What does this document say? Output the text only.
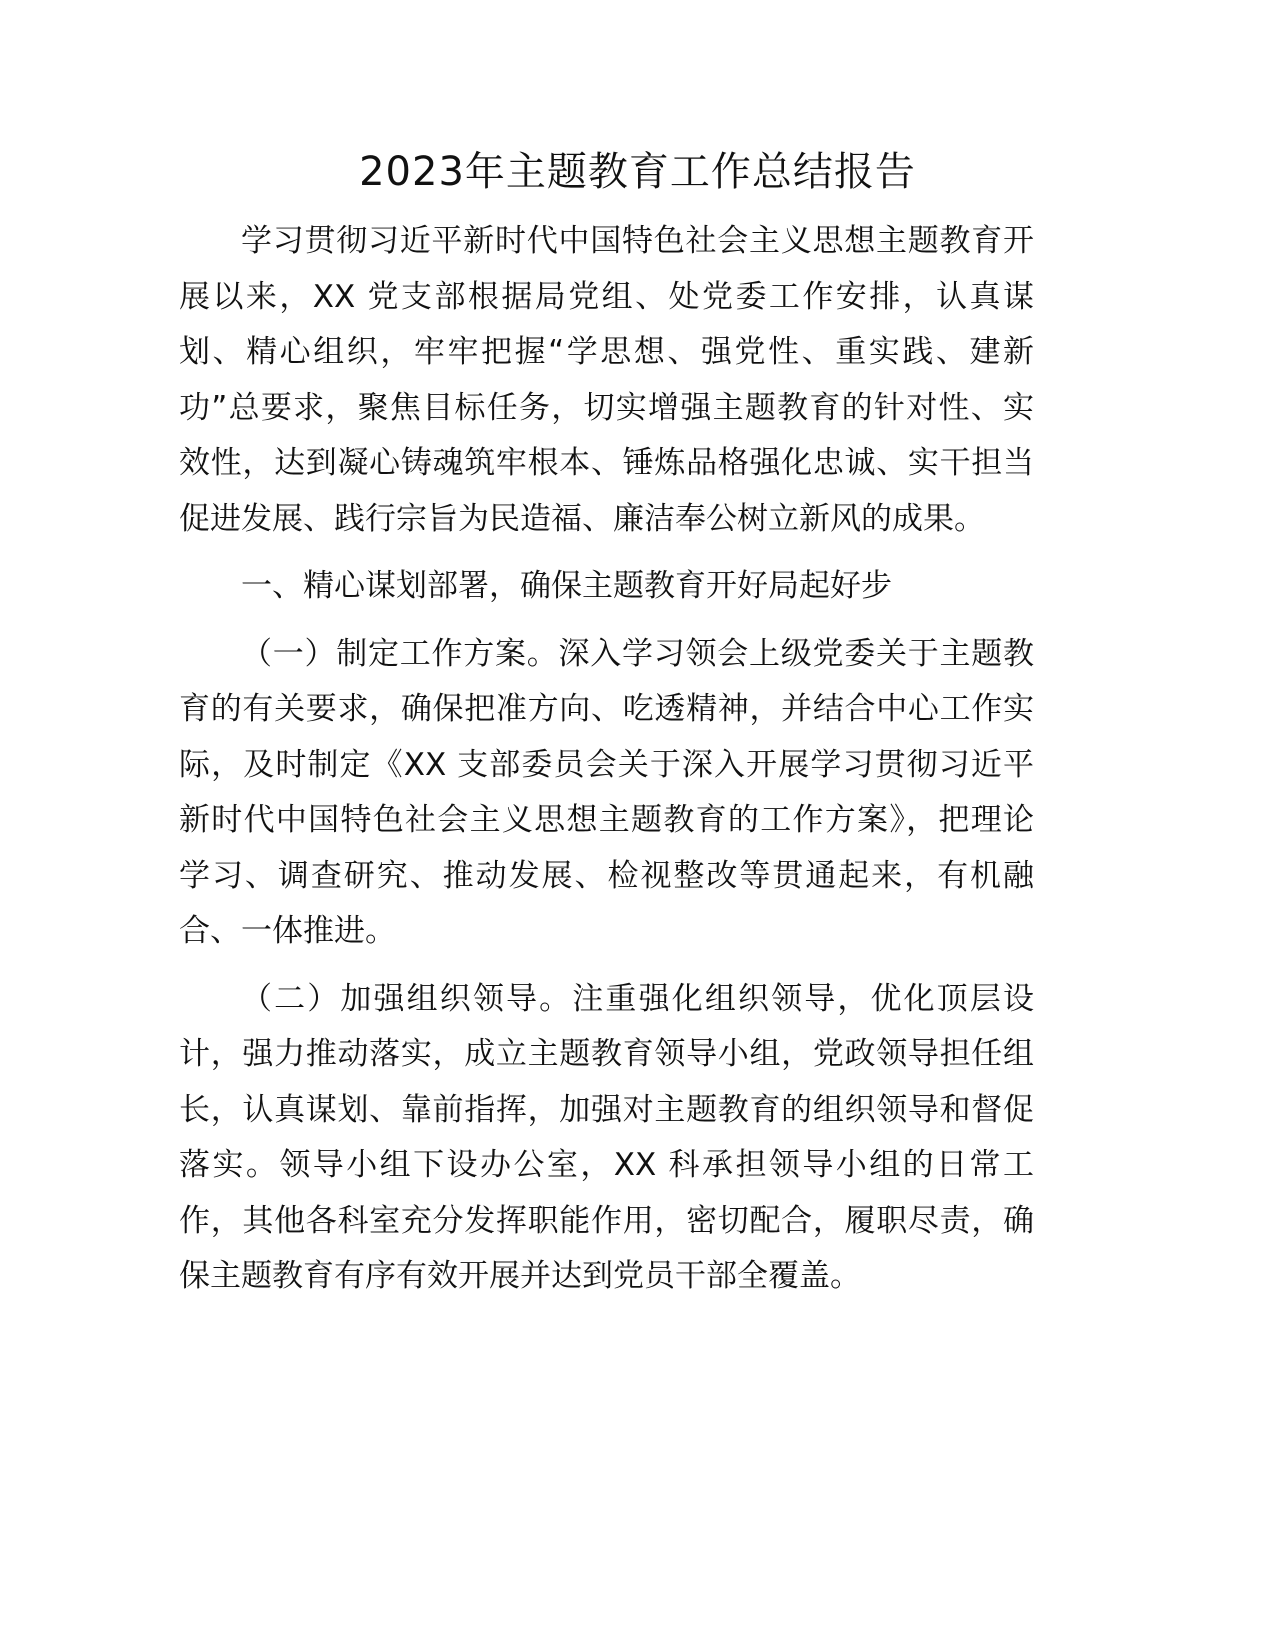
2023年主题教育工作总结报告
学习贯彻习近平新时代中国特色社会主义思想主题教育开
展以来，XX 党支部根据局党组、处党委工作安排，认真谋
划、精心组织，牢牢把握“学思想、强党性、重实践、建新
功”总要求，聚焦目标任务，切实增强主题教育的针对性、实
效性，达到凝心铸魂筑牢根本、锤炼品格强化忠诚、实干担当
促进发展、践行宗旨为民造福、廉洁奉公树立新风的成果。
一、精心谋划部署，确保主题教育开好局起好步
（一）制定工作方案。深入学习领会上级党委关于主题教
育的有关要求，确保把准方向、吃透精神，并结合中心工作实
际，及时制定《XX 支部委员会关于深入开展学习贯彻习近平
新时代中国特色社会主义思想主题教育的工作方案》，把理论
学习、调查研究、推动发展、检视整改等贯通起来，有机融
合、一体推进。
（二）加强组织领导。注重强化组织领导，优化顶层设
计，强力推动落实，成立主题教育领导小组，党政领导担任组
长，认真谋划、靠前指挥，加强对主题教育的组织领导和督促
落实。领导小组下设办公室，XX 科承担领导小组的日常工
作，其他各科室充分发挥职能作用，密切配合，履职尽责，确
保主题教育有序有效开展并达到党员干部全覆盖。
